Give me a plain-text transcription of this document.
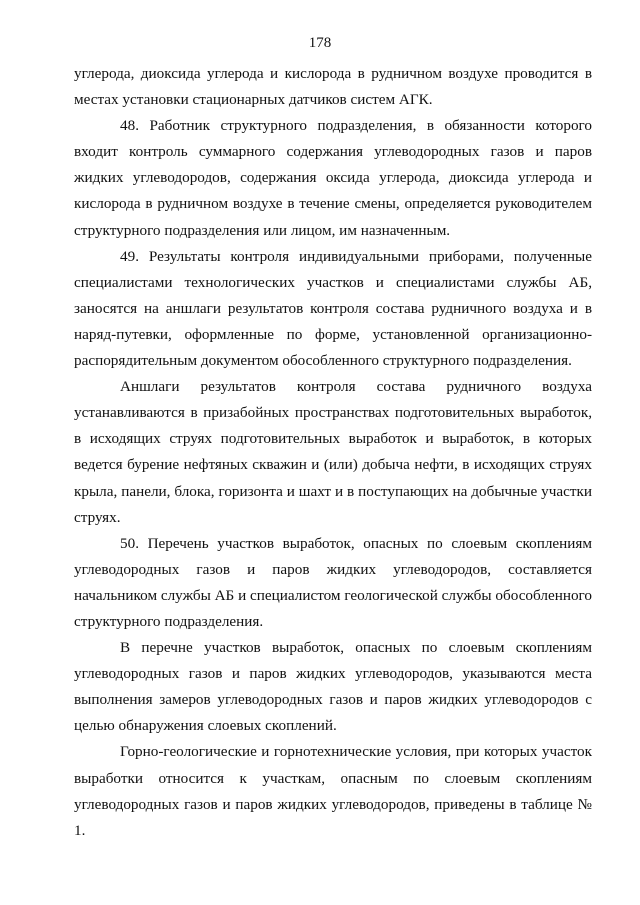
178

углерода, диоксида углерода и кислорода в рудничном воздухе проводится в местах установки стационарных датчиков систем АГК.

48. Работник структурного подразделения, в обязанности которого входит контроль суммарного содержания углеводородных газов и паров жидких углеводородов, содержания оксида углерода, диоксида углерода и кислорода в рудничном воздухе в течение смены, определяется руководителем структурного подразделения или лицом, им назначенным.

49. Результаты контроля индивидуальными приборами, полученные специалистами технологических участков и специалистами службы АБ, заносятся на аншлаги результатов контроля состава рудничного воздуха и в наряд-путевки, оформленные по форме, установленной организационно-распорядительным документом обособленного структурного подразделения.

Аншлаги результатов контроля состава рудничного воздуха устанавливаются в призабойных пространствах подготовительных выработок, в исходящих струях подготовительных выработок и выработок, в которых ведется бурение нефтяных скважин и (или) добыча нефти, в исходящих струях крыла, панели, блока, горизонта и шахт и в поступающих на добычные участки струях.

50. Перечень участков выработок, опасных по слоевым скоплениям углеводородных газов и паров жидких углеводородов, составляется начальником службы АБ и специалистом геологической службы обособленного структурного подразделения.

В перечне участков выработок, опасных по слоевым скоплениям углеводородных газов и паров жидких углеводородов, указываются места выполнения замеров углеводородных газов и паров жидких углеводородов с целью обнаружения слоевых скоплений.

Горно-геологические и горнотехнические условия, при которых участок выработки относится к участкам, опасным по слоевым скоплениям углеводородных газов и паров жидких углеводородов, приведены в таблице № 1.
